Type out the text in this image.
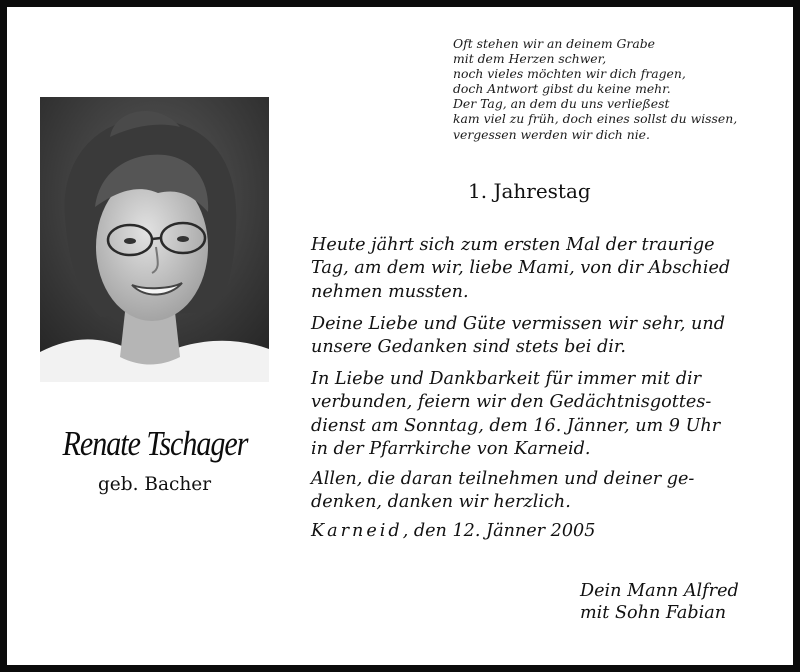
Oft stehen wir an deinem Grabe
mit dem Herzen schwer,
noch vieles möchten wir dich fragen,
doch Antwort gibst du keine mehr.
Der Tag, an dem du uns verließest
kam viel zu früh, doch eines sollst du wissen,
vergessen werden wir dich nie.
Renate Tschager
geb. Bacher
1. Jahrestag
Heute jährt sich zum ersten Mal der traurige
Tag, am dem wir, liebe Mami, von dir Abschied
nehmen mussten.
Deine Liebe und Güte vermissen wir sehr, und
unsere Gedanken sind stets bei dir.
In Liebe und Dankbarkeit für immer mit dir
verbunden, feiern wir den Gedächtnisgottes-
dienst am Sonntag, dem 16. Jänner, um 9 Uhr
in der Pfarrkirche von Karneid.
Allen, die daran teilnehmen und deiner ge-
denken, danken wir herzlich.
Karneid, den 12. Jänner 2005
Dein Mann Alfred
mit Sohn Fabian
